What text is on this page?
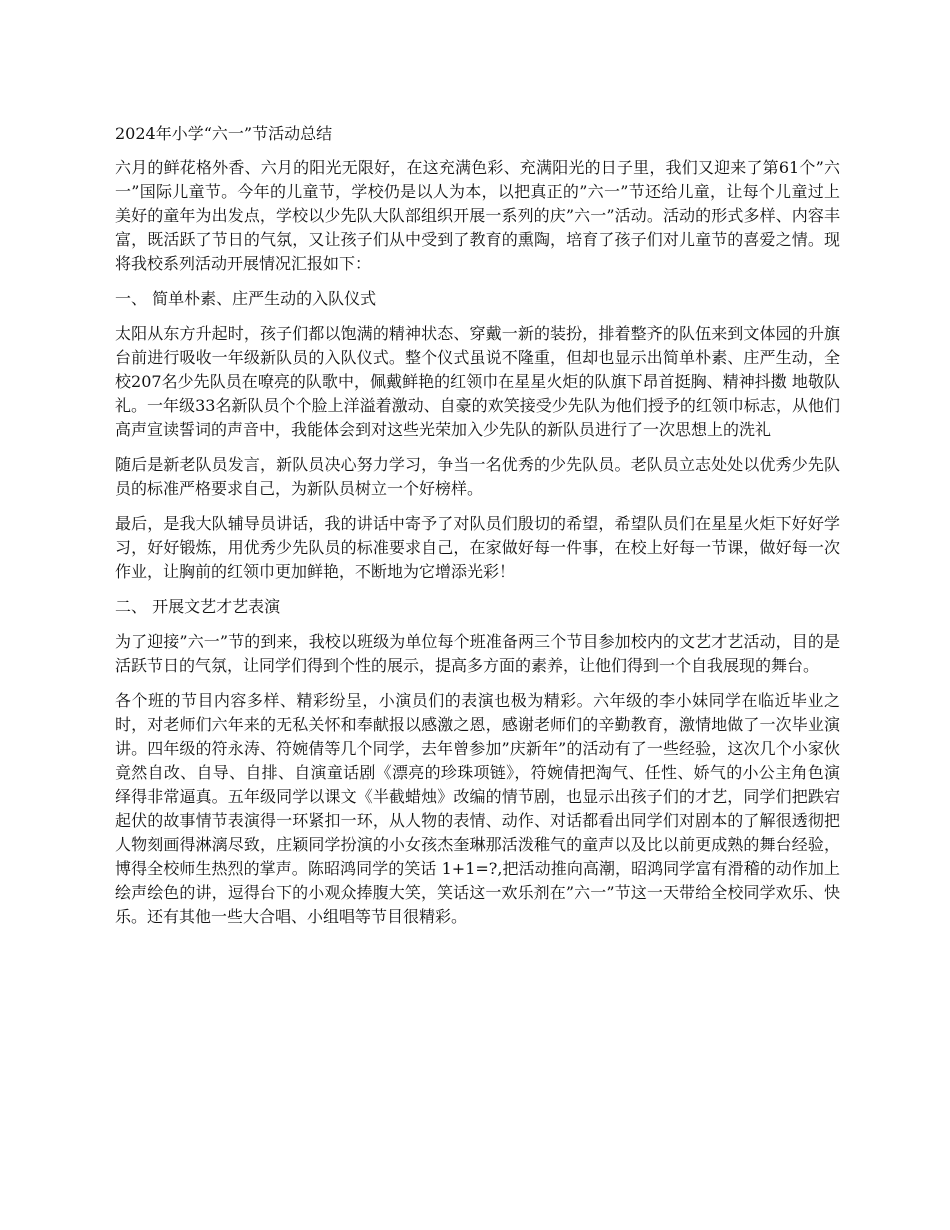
2024年小学“六一”节活动总结

六月的鲜花格外香、六月的阳光无限好，在这充满色彩、充满阳光的日子里，我们又迎来了第61个”六一”国际儿童节。今年的儿童节，学校仍是以人为本，以把真正的”六一”节还给儿童，让每个儿童过上美好的童年为出发点，学校以少先队大队部组织开展一系列的庆”六一”活动。活动的形式多样、内容丰富，既活跃了节日的气氛，又让孩子们从中受到了教育的熏陶，培育了孩子们对儿童节的喜爱之情。现将我校系列活动开展情况汇报如下：

一、 简单朴素、庄严生动的入队仪式

太阳从东方升起时，孩子们都以饱满的精神状态、穿戴一新的装扮，排着整齐的队伍来到文体园的升旗台前进行吸收一年级新队员的入队仪式。整个仪式虽说不隆重，但却也显示出简单朴素、庄严生动，全校207名少先队员在嘹亮的队歌中，佩戴鲜艳的红领巾在星星火炬的队旗下昂首挺胸、精神抖擞 地敬队礼。一年级33名新队员个个脸上洋溢着激动、自豪的欢笑接受少先队为他们授予的红领巾标志，从他们高声宣读誓词的声音中，我能体会到对这些光荣加入少先队的新队员进行了一次思想上的洗礼

随后是新老队员发言，新队员决心努力学习，争当一名优秀的少先队员。老队员立志处处以优秀少先队员的标准严格要求自己，为新队员树立一个好榜样。

最后，是我大队辅导员讲话，我的讲话中寄予了对队员们殷切的希望，希望队员们在星星火炬下好好学习，好好锻炼，用优秀少先队员的标准要求自己，在家做好每一件事，在校上好每一节课，做好每一次作业，让胸前的红领巾更加鲜艳，不断地为它增添光彩！

二、 开展文艺才艺表演

为了迎接”六一”节的到来，我校以班级为单位每个班准备两三个节目参加校内的文艺才艺活动，目的是活跃节日的气氛，让同学们得到个性的展示，提高多方面的素养，让他们得到一个自我展现的舞台。

各个班的节目内容多样、精彩纷呈，小演员们的表演也极为精彩。六年级的李小妹同学在临近毕业之时，对老师们六年来的无私关怀和奉献报以感激之恩，感谢老师们的辛勤教育，激情地做了一次毕业演讲。四年级的符永涛、符婉倩等几个同学，去年曾参加”庆新年”的活动有了一些经验，这次几个小家伙竟然自改、自导、自排、自演童话剧《漂亮的珍珠项链》，符婉倩把淘气、任性、娇气的小公主角色演绎得非常逼真。五年级同学以课文《半截蜡烛》改编的情节剧，也显示出孩子们的才艺，同学们把跌宕起伏的故事情节表演得一环紧扣一环，从人物的表情、动作、对话都看出同学们对剧本的了解很透彻把人物刻画得淋漓尽致，庄颖同学扮演的小女孩杰奎琳那活泼稚气的童声以及比以前更成熟的舞台经验，博得全校师生热烈的掌声。陈昭鸿同学的笑话 1+1=?,把活动推向高潮，昭鸿同学富有滑稽的动作加上绘声绘色的讲，逗得台下的小观众捧腹大笑，笑话这一欢乐剂在”六一”节这一天带给全校同学欢乐、快乐。还有其他一些大合唱、小组唱等节目很精彩。
